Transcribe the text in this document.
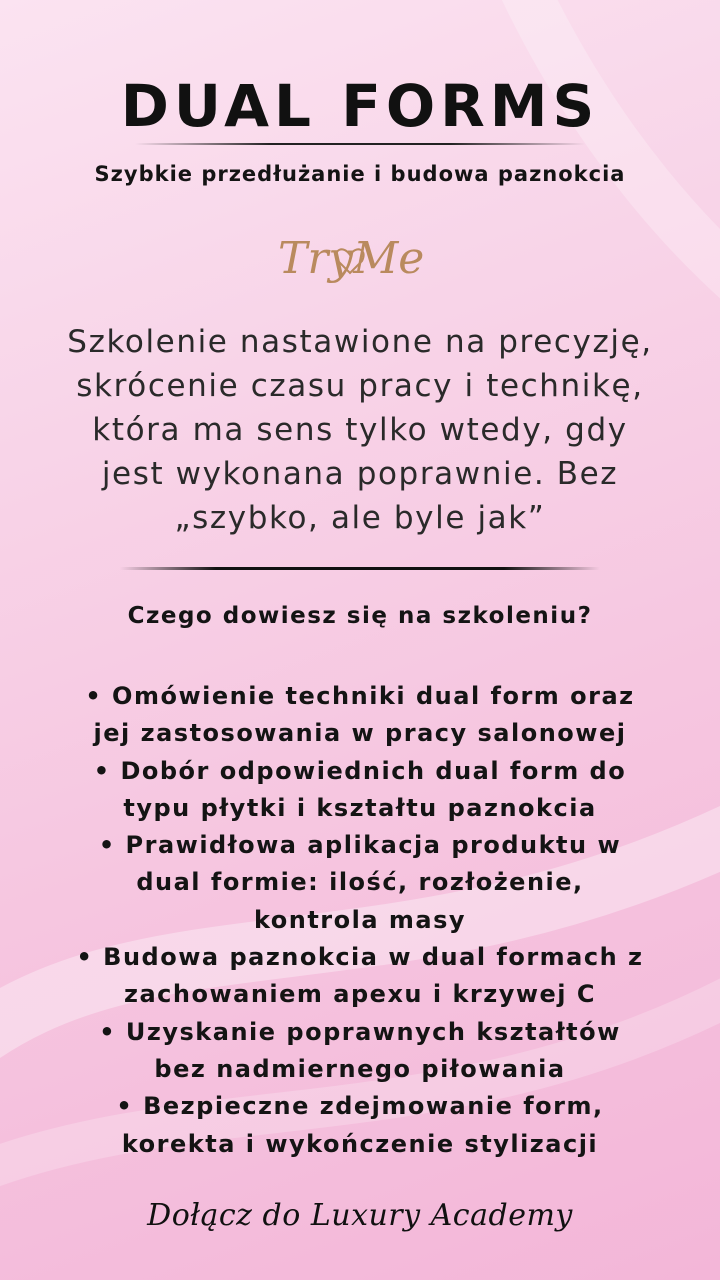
DUAL FORMS
Szybkie przedłużanie i budowa paznokcia
TryMe
Szkolenie nastawione na precyzję,
skrócenie czasu pracy i technikę,
która ma sens tylko wtedy, gdy
jest wykonana poprawnie. Bez
„szybko, ale byle jak”
Czego dowiesz się na szkoleniu?
• Omówienie techniki dual form oraz
jej zastosowania w pracy salonowej
• Dobór odpowiednich dual form do
typu płytki i kształtu paznokcia
• Prawidłowa aplikacja produktu w
dual formie: ilość, rozłożenie,
kontrola masy
• Budowa paznokcia w dual formach z
zachowaniem apexu i krzywej C
• Uzyskanie poprawnych kształtów
bez nadmiernego piłowania
• Bezpieczne zdejmowanie form,
korekta i wykończenie stylizacji
Dołącz do Luxury Academy
